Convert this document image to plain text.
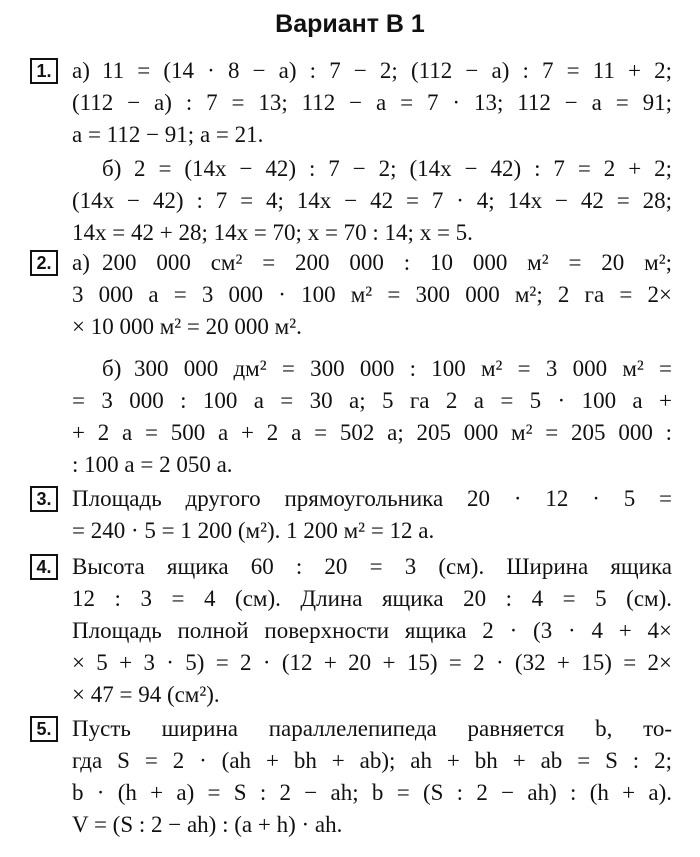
Вариант В 1
1. а) 11 = (14 · 8 − a) : 7 − 2; (112 − a) : 7 = 11 + 2;
(112 − a) : 7 = 13; 112 − a = 7 · 13; 112 − a = 91;
a = 112 − 91; a = 21.
б) 2 = (14x − 42) : 7 − 2; (14x − 42) : 7 = 2 + 2;
(14x − 42) : 7 = 4; 14x − 42 = 7 · 4; 14x − 42 = 28;
14x = 42 + 28; 14x = 70; x = 70 : 14; x = 5.
2. а) 200 000 см² = 200 000 : 10 000 м² = 20 м²;
3 000 а = 3 000 · 100 м² = 300 000 м²; 2 га = 2×
× 10 000 м² = 20 000 м².
б) 300 000 дм² = 300 000 : 100 м² = 3 000 м² =
= 3 000 : 100 а = 30 а; 5 га 2 а = 5 · 100 а +
+ 2 а = 500 а + 2 а = 502 а; 205 000 м² = 205 000 :
: 100 а = 2 050 а.
3. Площадь другого прямоугольника 20 · 12 · 5 =
= 240 · 5 = 1 200 (м²). 1 200 м² = 12 а.
4. Высота ящика 60 : 20 = 3 (см). Ширина ящика
12 : 3 = 4 (см). Длина ящика 20 : 4 = 5 (см).
Площадь полной поверхности ящика 2 · (3 · 4 + 4×
× 5 + 3 · 5) = 2 · (12 + 20 + 15) = 2 · (32 + 15) = 2×
× 47 = 94 (см²).
5. Пусть ширина параллелепипеда равняется b, то-
гда S = 2 · (ah + bh + ab); ah + bh + ab = S : 2;
b · (h + a) = S : 2 − ah; b = (S : 2 − ah) : (h + a).
V = (S : 2 − ah) : (a + h) · ah.
